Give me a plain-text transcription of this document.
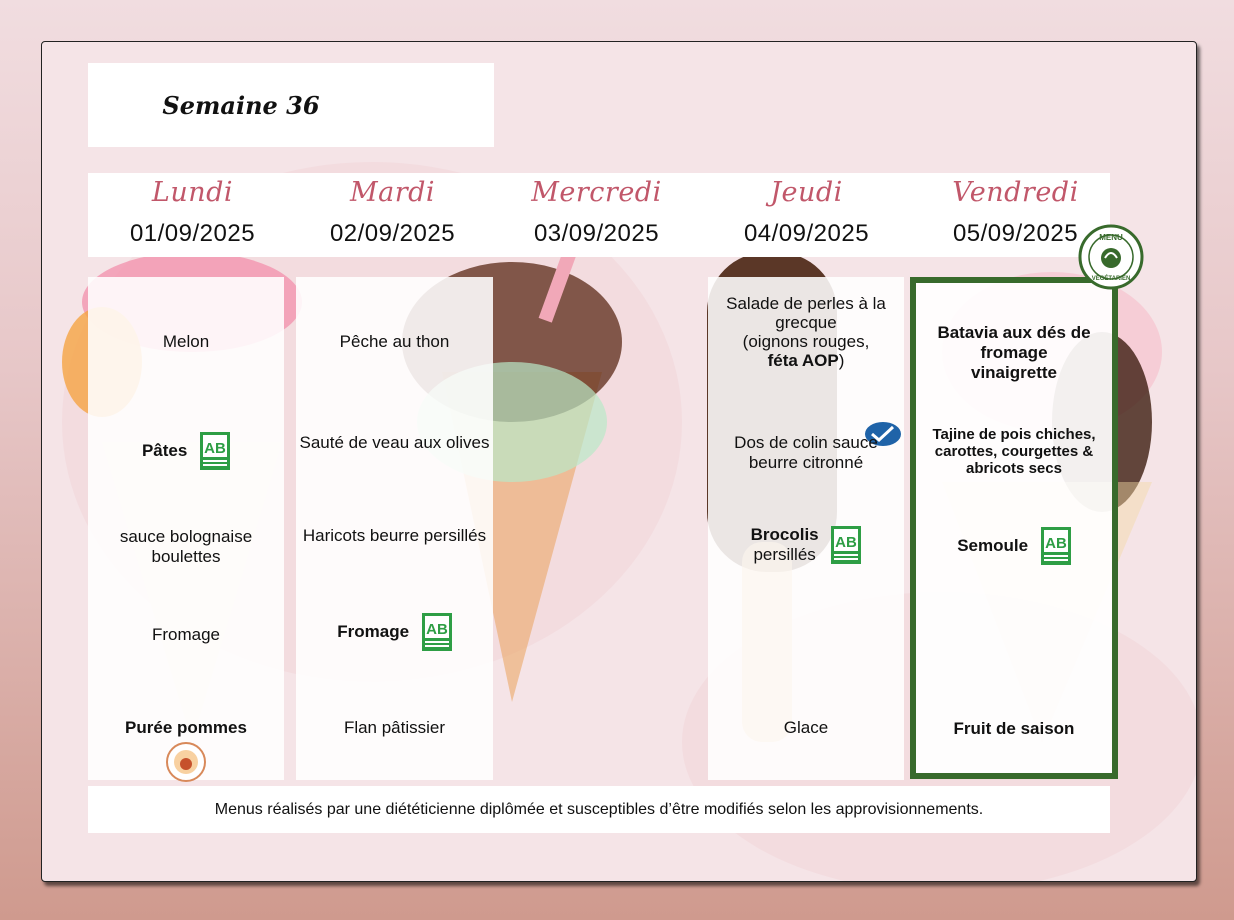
Semaine 36
Lundi
01/09/2025
Mardi
02/09/2025
Mercredi
03/09/2025
Jeudi
04/09/2025
Vendredi
05/09/2025
Melon
Pâtes AB
sauce bolognaise boulettes
Fromage
Purée pommes
Pêche au thon
Sauté de veau aux olives
Haricots beurre persillés
Fromage AB
Flan pâtissier
Salade de perles à la
grecque
(oignons rouges,
féta AOP)
Dos de colin sauce beurre citronné
Brocolis
persillés

AB
Glace
Batavia aux dés de fromage vinaigrette
Tajine de pois chiches, carottes, courgettes & abricots secs
Semoule AB
Fruit de saison
MENU
VÉGÉTARIEN
Menus réalisés par une diététicienne diplômée et susceptibles d’être modifiés selon les approvisionnements.
